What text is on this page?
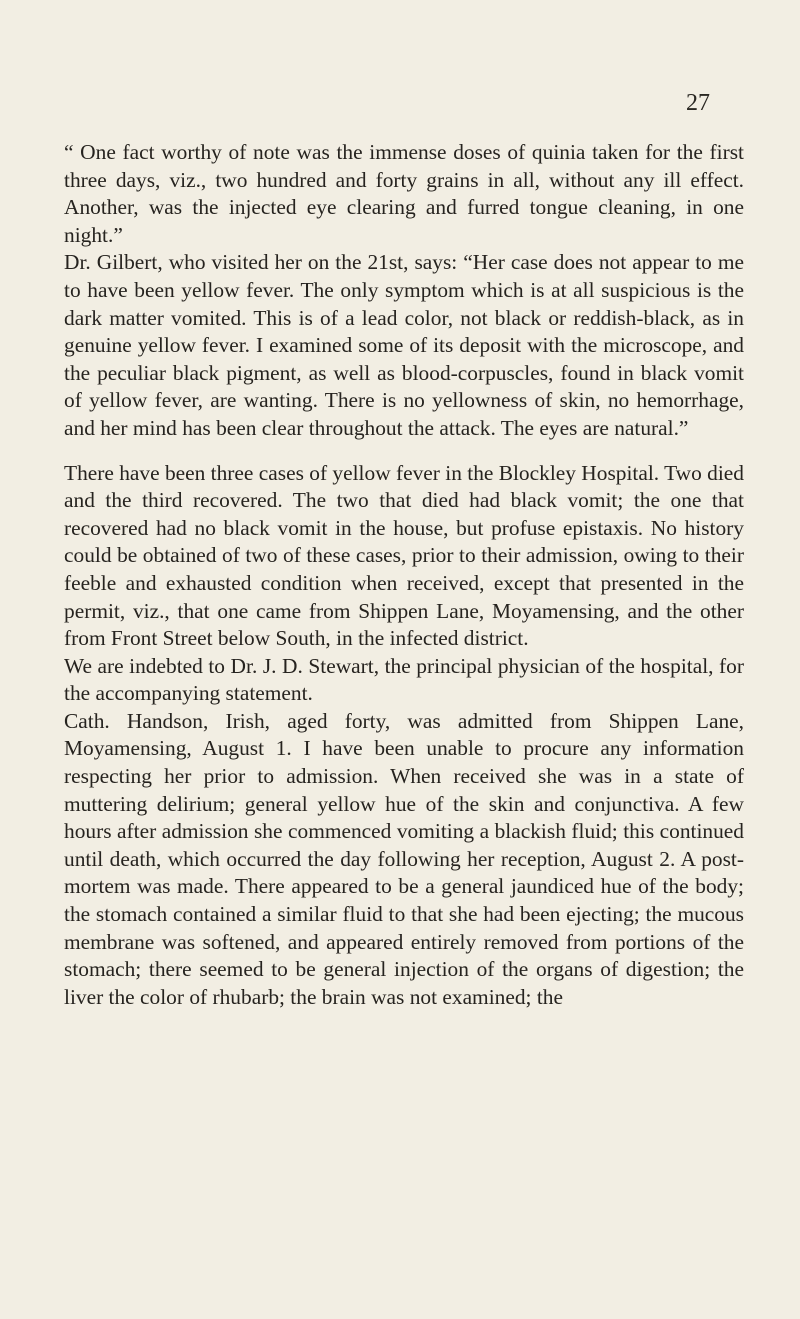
27

“ One fact worthy of note was the immense doses of quinia taken for the first three days, viz., two hundred and forty grains in all, without any ill effect. Another, was the injected eye clearing and furred tongue cleaning, in one night.”

Dr. Gilbert, who visited her on the 21st, says: “Her case does not appear to me to have been yellow fever. The only symptom which is at all suspicious is the dark matter vomited. This is of a lead color, not black or reddish-black, as in genuine yellow fever. I examined some of its deposit with the microscope, and the peculiar black pigment, as well as blood-corpuscles, found in black vomit of yellow fever, are wanting. There is no yellowness of skin, no hemorrhage, and her mind has been clear throughout the attack. The eyes are natural.”

There have been three cases of yellow fever in the Blockley Hospital. Two died and the third recovered. The two that died had black vomit; the one that recovered had no black vomit in the house, but profuse epistaxis. No history could be obtained of two of these cases, prior to their admission, owing to their feeble and exhausted condition when received, except that presented in the permit, viz., that one came from Shippen Lane, Moyamensing, and the other from Front Street below South, in the infected district.

We are indebted to Dr. J. D. Stewart, the principal physician of the hospital, for the accompanying statement.

Cath. Handson, Irish, aged forty, was admitted from Shippen Lane, Moyamensing, August 1. I have been unable to procure any information respecting her prior to admission. When received she was in a state of muttering delirium; general yellow hue of the skin and conjunctiva. A few hours after admission she commenced vomiting a blackish fluid; this continued until death, which occurred the day following her reception, August 2. A post-mortem was made. There appeared to be a general jaundiced hue of the body; the stomach contained a similar fluid to that she had been ejecting; the mucous membrane was softened, and appeared entirely removed from portions of the stomach; there seemed to be general injection of the organs of digestion; the liver the color of rhubarb; the brain was not examined; the
